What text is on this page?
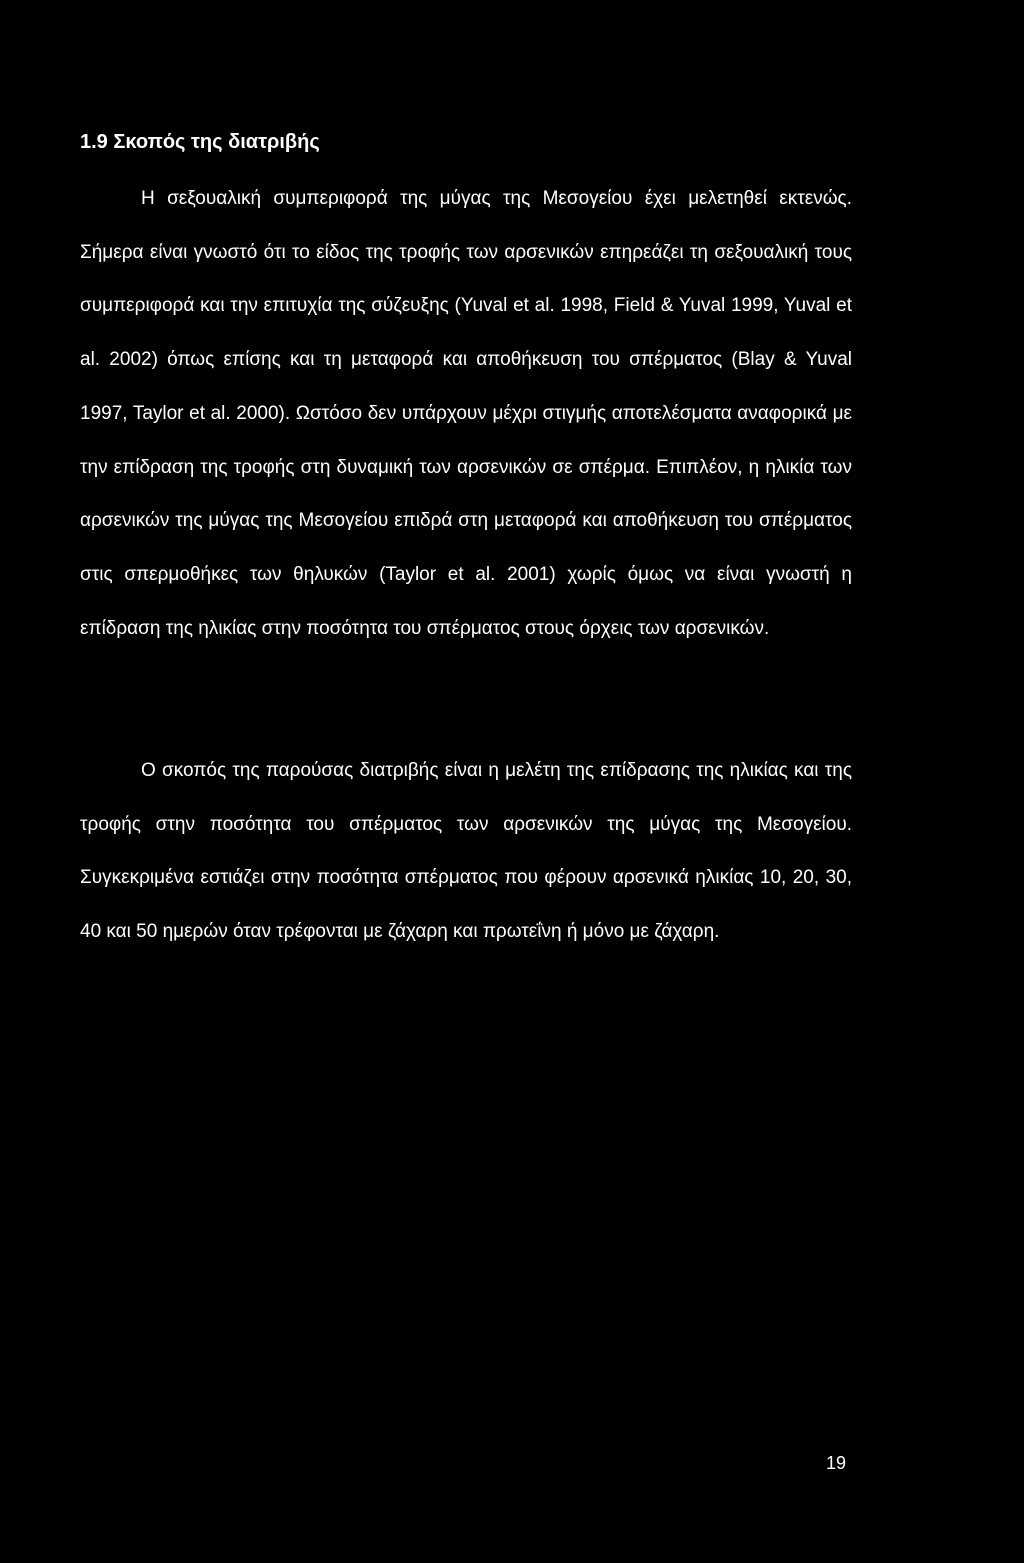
1.9 Σκοπός της διατριβής

Η σεξουαλική συμπεριφορά της μύγας της Μεσογείου έχει μελετηθεί εκτενώς. Σήμερα είναι γνωστό ότι το είδος της τροφής των αρσενικών επηρεάζει τη σεξουαλική τους συμπεριφορά και την επιτυχία της σύζευξης (Yuval et al. 1998, Field & Yuval 1999, Yuval et al. 2002) όπως επίσης και τη μεταφορά και αποθήκευση του σπέρματος (Blay & Yuval 1997, Taylor et al. 2000). Ωστόσο δεν υπάρχουν μέχρι στιγμής αποτελέσματα αναφορικά με την επίδραση της τροφής στη δυναμική των αρσενικών σε σπέρμα. Επιπλέον, η ηλικία των αρσενικών της μύγας της Μεσογείου επιδρά στη μεταφορά και αποθήκευση του σπέρματος στις σπερμοθήκες των θηλυκών (Taylor et al. 2001) χωρίς όμως να είναι γνωστή η επίδραση της ηλικίας στην ποσότητα του σπέρματος στους όρχεις των αρσενικών.

Ο σκοπός της παρούσας διατριβής είναι η μελέτη της επίδρασης της ηλικίας και της τροφής στην ποσότητα του σπέρματος των αρσενικών της μύγας της Μεσογείου. Συγκεκριμένα εστιάζει στην ποσότητα σπέρματος που φέρουν αρσενικά ηλικίας 10, 20, 30, 40 και 50 ημερών όταν τρέφονται με ζάχαρη και πρωτεΐνη ή μόνο με ζάχαρη.

19
